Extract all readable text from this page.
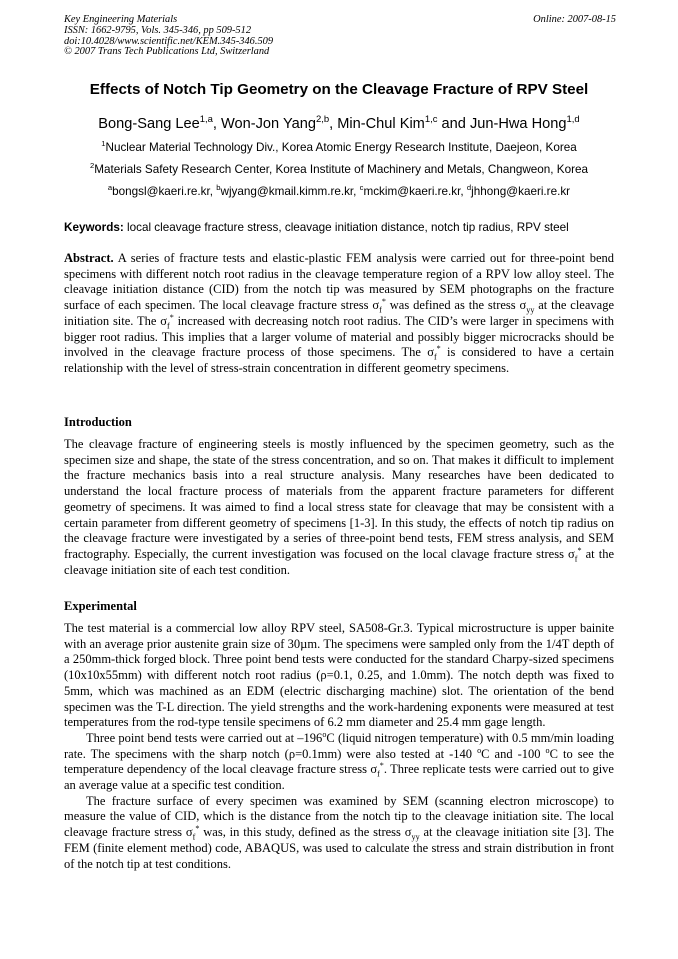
Key Engineering Materials
ISSN: 1662-9795, Vols. 345-346, pp 509-512
doi:10.4028/www.scientific.net/KEM.345-346.509
© 2007 Trans Tech Publications Ltd, Switzerland
Online: 2007-08-15
Effects of Notch Tip Geometry on the Cleavage Fracture of RPV Steel
Bong-Sang Lee$^{1,a}$, Won-Jon Yang$^{2,b}$, Min-Chul Kim$^{1,c}$ and Jun-Hwa Hong$^{1,d}$
$^1$Nuclear Material Technology Div., Korea Atomic Energy Research Institute, Daejeon, Korea
$^2$Materials Safety Research Center, Korea Institute of Machinery and Metals, Changweon, Korea
$^a$bongsl@kaeri.re.kr, $^b$wjyang@kmail.kimm.re.kr, $^c$mckim@kaeri.re.kr, $^d$jhhong@kaeri.re.kr
Keywords: local cleavage fracture stress, cleavage initiation distance, notch tip radius, RPV steel
Abstract. A series of fracture tests and elastic-plastic FEM analysis were carried out for three-point bend specimens with different notch root radius in the cleavage temperature region of a RPV low alloy steel. The cleavage initiation distance (CID) from the notch tip was measured by SEM photographs on the fracture surface of each specimen. The local cleavage fracture stress $\sigma_f^*$ was defined as the stress $\sigma_{yy}$ at the cleavage initiation site. The $\sigma_f^*$ increased with decreasing notch root radius. The CID’s were larger in specimens with bigger root radius. This implies that a larger volume of material and possibly bigger microcracks should be involved in the cleavage fracture process of those specimens. The $\sigma_f^*$ is considered to have a certain relationship with the level of stress-strain concentration in different geometry specimens.
Introduction
The cleavage fracture of engineering steels is mostly influenced by the specimen geometry, such as the specimen size and shape, the state of the stress concentration, and so on. That makes it difficult to implement the fracture mechanics basis into a real structure analysis. Many researches have been dedicated to understand the local fracture process of materials from the apparent fracture parameters for different geometry of specimens. It was aimed to find a local stress state for cleavage that may be consistent with a certain parameter from different geometry of specimens [1-3]. In this study, the effects of notch tip radius on the cleavage fracture were investigated by a series of three-point bend tests, FEM stress analysis, and SEM fractography. Especially, the current investigation was focused on the local clavage fracture stress $\sigma_f^*$ at the cleavage initiation site of each test condition.
Experimental

The test material is a commercial low alloy RPV steel, SA508-Gr.3. Typical microstructure is upper bainite with an average prior austenite grain size of 30µm. The specimens were sampled only from the 1/4T depth of a 250mm-thick forged block. Three point bend tests were conducted for the standard Charpy-sized specimens (10x10x55mm) with different notch root radius (ρ=0.1, 0.25, and 1.0mm). The notch depth was fixed to 5mm, which was machined as an EDM (electric discharging machine) slot. The orientation of the bend specimen was the T-L direction. The yield strengths and the work-hardening exponents were measured at test temperatures from the rod-type tensile specimens of 6.2 mm diameter and 25.4 mm gage length.

Three point bend tests were carried out at –196$^o$C (liquid nitrogen temperature) with 0.5 mm/min loading rate. The specimens with the sharp notch (ρ=0.1mm) were also tested at -140 $^o$C and -100 $^o$C to see the temperature dependency of the local cleavage fracture stress $\sigma_f^*$. Three replicate tests were carried out to give an average value at a specific test condition.

The fracture surface of every specimen was examined by SEM (scanning electron microscope) to measure the value of CID, which is the distance from the notch tip to the cleavage initiation site. The local cleavage fracture stress $\sigma_f^*$ was, in this study, defined as the stress $\sigma_{yy}$ at the cleavage initiation site [3]. The FEM (finite element method) code, ABAQUS, was used to calculate the stress and strain distribution in front of the notch tip at test conditions.
